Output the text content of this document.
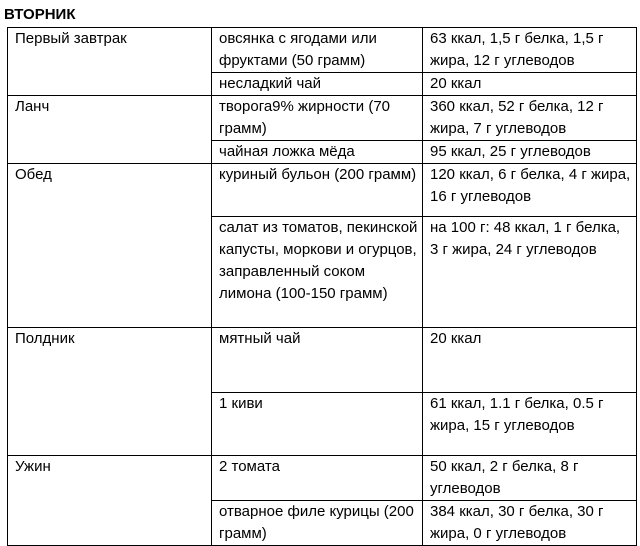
ВТОРНИК
Первый завтрак	овсянка с ягодами или фруктами (50 грамм)	63 ккал, 1,5 г белка, 1,5 г жира, 12 г углеводов
	несладкий чай	20 ккал
Ланч	творога9% жирности (70 грамм)	360 ккал, 52 г белка, 12 г жира, 7 г углеводов
	чайная ложка мёда	95 ккал, 25 г углеводов
Обед	куриный бульон (200 грамм)	120 ккал, 6 г белка, 4 г жира, 16 г углеводов
	салат из томатов, пекинской капусты, моркови и огурцов, заправленный соком лимона (100-150 грамм)	на 100 г: 48 ккал, 1 г белка, 3 г жира, 24 г углеводов
Полдник	мятный чай	20 ккал
	1 киви	61 ккал, 1.1 г белка, 0.5 г жира, 15 г углеводов
Ужин	2 томата	50 ккал, 2 г белка, 8 г углеводов
	отварное филе курицы (200 грамм)	384 ккал, 30 г белка, 30 г жира, 0 г углеводов
